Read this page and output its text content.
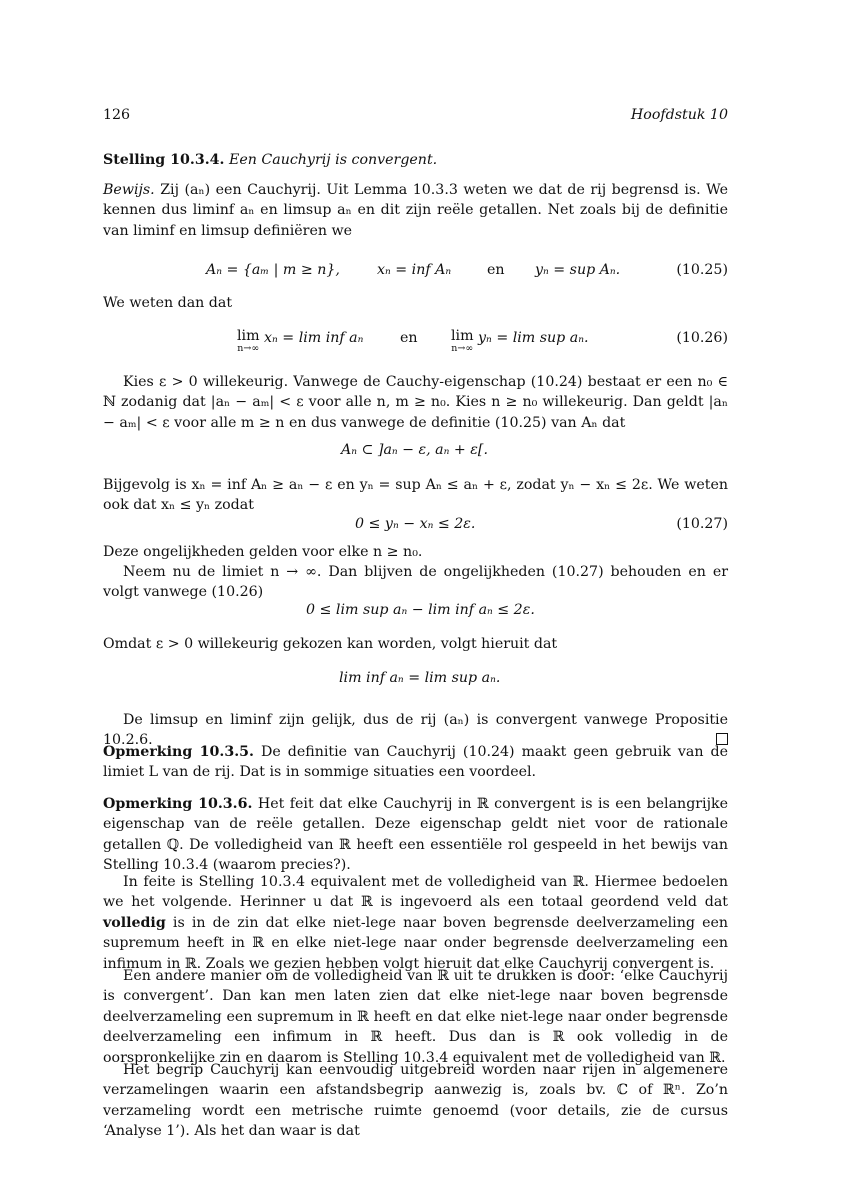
126	Hoofdstuk 10
Stelling 10.3.4. Een Cauchyrij is convergent.
Bewijs. Zij (aₙ) een Cauchyrij. Uit Lemma 10.3.3 weten we dat de rij begrensd is. We kennen dus liminf aₙ en limsup aₙ en dit zijn reële getallen. Net zoals bij de definitie van liminf en limsup definiëren we
Aₙ = {aₘ | m ≥ n},	xₙ = inf Aₙ	en yₙ = sup Aₙ.	(10.25)
We weten dan dat
lim
n→∞
xₙ = lim inf aₙ	en lim
n→∞
yₙ = lim sup aₙ.	(10.26)
Kies ε > 0 willekeurig. Vanwege de Cauchy-eigenschap (10.24) bestaat er een n₀ ∈ ℕ zodanig dat |aₙ − aₘ| < ε voor alle n, m ≥ n₀. Kies n ≥ n₀ willekeurig. Dan geldt |aₙ − aₘ| < ε voor alle m ≥ n en dus vanwege de definitie (10.25) van Aₙ dat
Aₙ ⊂ ]aₙ − ε, aₙ + ε[.
Bijgevolg is xₙ = inf Aₙ ≥ aₙ − ε en yₙ = sup Aₙ ≤ aₙ + ε, zodat yₙ − xₙ ≤ 2ε. We weten ook dat xₙ ≤ yₙ zodat
0 ≤ yₙ − xₙ ≤ 2ε.	(10.27)
Deze ongelijkheden gelden voor elke n ≥ n₀.
Neem nu de limiet n → ∞. Dan blijven de ongelijkheden (10.27) behouden en er volgt vanwege (10.26)
0 ≤ lim sup aₙ − lim inf aₙ ≤ 2ε.
Omdat ε > 0 willekeurig gekozen kan worden, volgt hieruit dat
lim inf aₙ = lim sup aₙ.
De limsup en liminf zijn gelijk, dus de rij (aₙ) is convergent vanwege Propositie 10.2.6.
Opmerking 10.3.5. De definitie van Cauchyrij (10.24) maakt geen gebruik van de limiet L van de rij. Dat is in sommige situaties een voordeel.
Opmerking 10.3.6. Het feit dat elke Cauchyrij in ℝ convergent is is een belangrijke eigenschap van de reële getallen. Deze eigenschap geldt niet voor de rationale getallen ℚ. De volledigheid van ℝ heeft een essentiële rol gespeeld in het bewijs van Stelling 10.3.4 (waarom precies?).
In feite is Stelling 10.3.4 equivalent met de volledigheid van ℝ. Hiermee bedoelen we het volgende. Herinner u dat ℝ is ingevoerd als een totaal geordend veld dat volledig is in de zin dat elke niet-lege naar boven begrensde deelverzameling een supremum heeft in ℝ en elke niet-lege naar onder begrensde deelverzameling een infimum in ℝ. Zoals we gezien hebben volgt hieruit dat elke Cauchyrij convergent is.
Een andere manier om de volledigheid van ℝ uit te drukken is door: ‘elke Cauchyrij is convergent’. Dan kan men laten zien dat elke niet-lege naar boven begrensde deelverzameling een supremum in ℝ heeft en dat elke niet-lege naar onder begrensde deelverzameling een infimum in ℝ heeft. Dus dan is ℝ ook volledig in de oorspronkelijke zin en daarom is Stelling 10.3.4 equivalent met de volledigheid van ℝ.
Het begrip Cauchyrij kan eenvoudig uitgebreid worden naar rijen in algemenere verzamelingen waarin een afstandsbegrip aanwezig is, zoals bv. ℂ of ℝⁿ. Zo’n verzameling wordt een metrische ruimte genoemd (voor details, zie de cursus ‘Analyse 1’). Als het dan waar is dat
